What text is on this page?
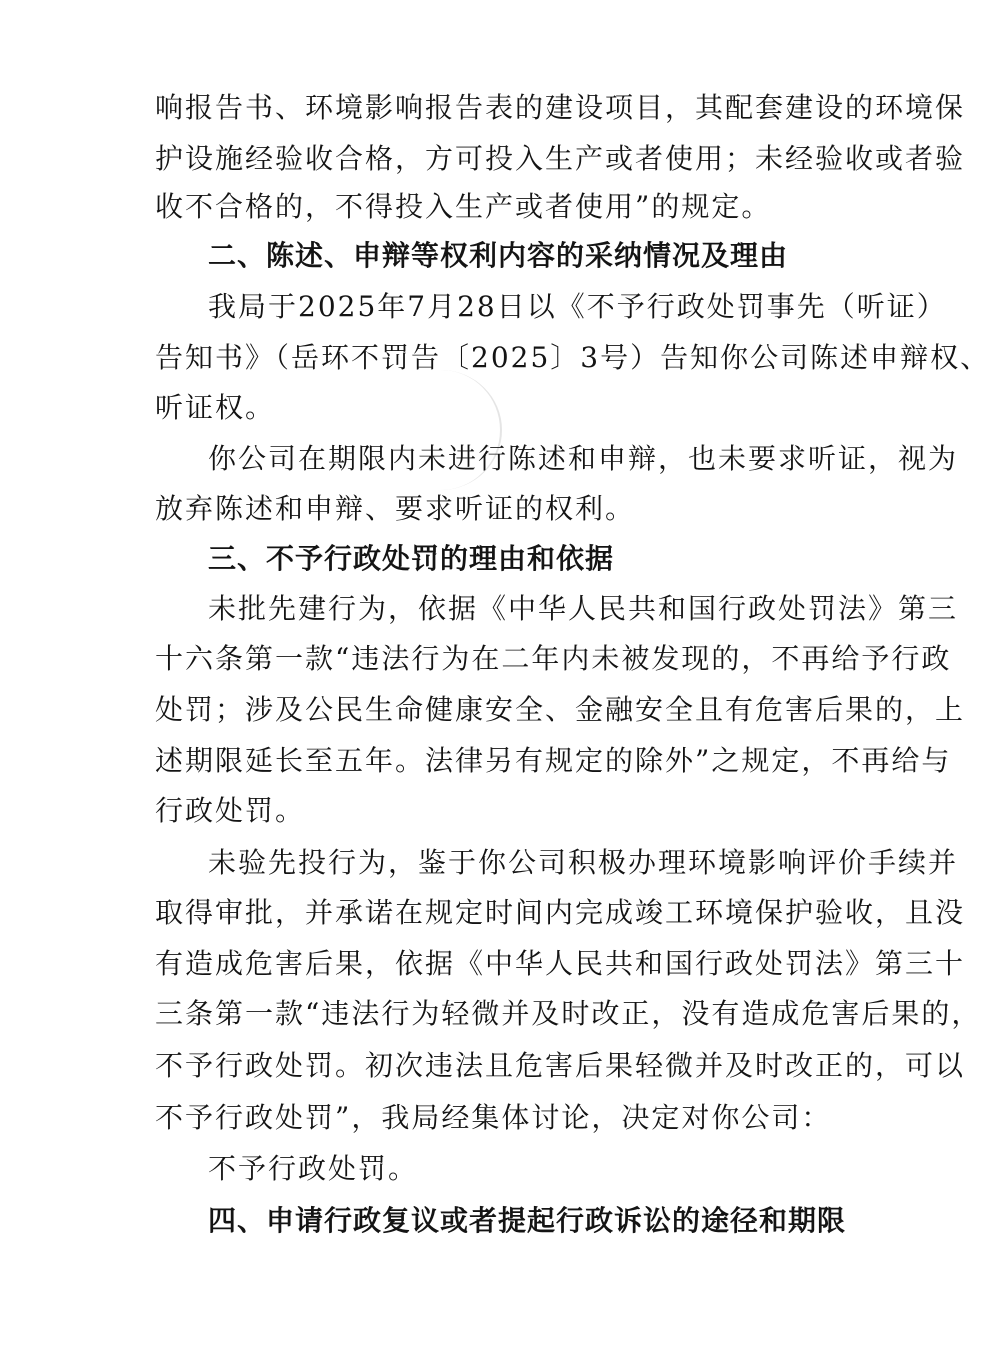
响报告书、环境影响报告表的建设项目，其配套建设的环境保

护设施经验收合格，方可投入生产或者使用；未经验收或者验

收不合格的，不得投入生产或者使用”的规定。

二、陈述、申辩等权利内容的采纳情况及理由

我局于2025年7月28日以《不予行政处罚事先（听证）

告知书》（岳环不罚告〔2025〕3号）告知你公司陈述申辩权、

听证权。

你公司在期限内未进行陈述和申辩，也未要求听证，视为

放弃陈述和申辩、要求听证的权利。

三、不予行政处罚的理由和依据

未批先建行为，依据《中华人民共和国行政处罚法》第三

十六条第一款“违法行为在二年内未被发现的，不再给予行政

处罚；涉及公民生命健康安全、金融安全且有危害后果的，上

述期限延长至五年。法律另有规定的除外”之规定，不再给与

行政处罚。

未验先投行为，鉴于你公司积极办理环境影响评价手续并

取得审批，并承诺在规定时间内完成竣工环境保护验收，且没

有造成危害后果，依据《中华人民共和国行政处罚法》第三十

三条第一款“违法行为轻微并及时改正，没有造成危害后果的，

不予行政处罚。初次违法且危害后果轻微并及时改正的，可以

不予行政处罚”，我局经集体讨论，决定对你公司：

不予行政处罚。

四、申请行政复议或者提起行政诉讼的途径和期限
